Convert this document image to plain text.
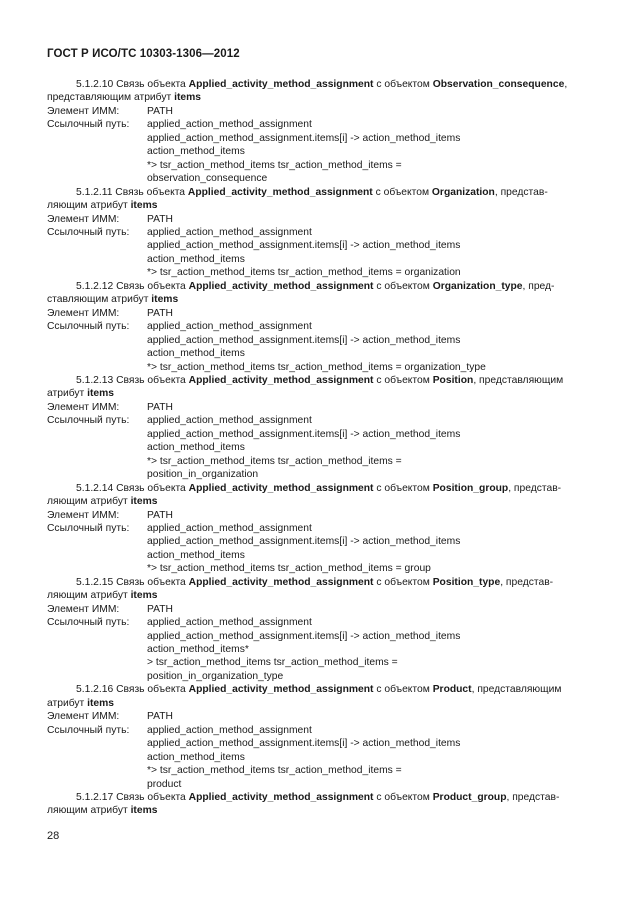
ГОСТ Р ИСО/ТС 10303-1306—2012
5.1.2.10 Связь объекта Applied_activity_method_assignment с объектом Observation_consequence,
представляющим атрибут items
Элемент ИММ:	PATH
Ссылочный путь:	applied_action_method_assignment
applied_action_method_assignment.items[i] -> action_method_items
action_method_items
*> tsr_action_method_items tsr_action_method_items =
observation_consequence
5.1.2.11 Связь объекта Applied_activity_method_assignment с объектом Organization, представ-
ляющим атрибут items
Элемент ИММ:	PATH
Ссылочный путь:	applied_action_method_assignment
applied_action_method_assignment.items[i] -> action_method_items
action_method_items
*> tsr_action_method_items tsr_action_method_items = organization
5.1.2.12 Связь объекта Applied_activity_method_assignment с объектом Organization_type, пред-
ставляющим атрибут items
Элемент ИММ:	PATH
Ссылочный путь:	applied_action_method_assignment
applied_action_method_assignment.items[i] -> action_method_items
action_method_items
*> tsr_action_method_items tsr_action_method_items = organization_type
5.1.2.13 Связь объекта Applied_activity_method_assignment с объектом Position, представляющим
атрибут items
Элемент ИММ:	PATH
Ссылочный путь:	applied_action_method_assignment
applied_action_method_assignment.items[i] -> action_method_items
action_method_items
*> tsr_action_method_items tsr_action_method_items =
position_in_organization
5.1.2.14 Связь объекта Applied_activity_method_assignment с объектом Position_group, представ-
ляющим атрибут items
Элемент ИММ:	PATH
Ссылочный путь:	applied_action_method_assignment
applied_action_method_assignment.items[i] -> action_method_items
action_method_items
*> tsr_action_method_items tsr_action_method_items = group
5.1.2.15 Связь объекта Applied_activity_method_assignment с объектом Position_type, представ-
ляющим атрибут items
Элемент ИММ:	PATH
Ссылочный путь:	applied_action_method_assignment
applied_action_method_assignment.items[i] -> action_method_items
action_method_items*
> tsr_action_method_items tsr_action_method_items =
position_in_organization_type
5.1.2.16 Связь объекта Applied_activity_method_assignment с объектом Product, представляющим
атрибут items
Элемент ИММ:	PATH
Ссылочный путь:	applied_action_method_assignment
applied_action_method_assignment.items[i] -> action_method_items
action_method_items
*> tsr_action_method_items tsr_action_method_items =
product
5.1.2.17 Связь объекта Applied_activity_method_assignment с объектом Product_group, представ-
ляющим атрибут items
28
